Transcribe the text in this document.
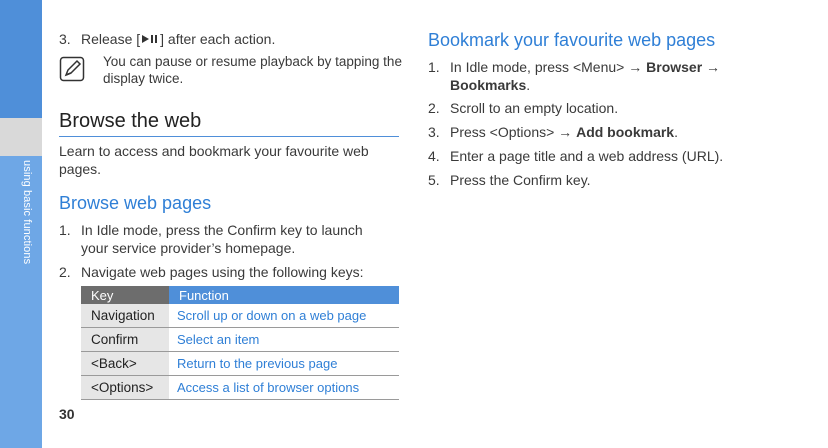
using basic functions
30
3. Release [ ] after each action.
You can pause or resume playback by tapping the display twice.
Browse the web
Learn to access and bookmark your favourite web pages.
Browse web pages
1. In Idle mode, press the Confirm key to launch your service provider’s homepage.
2. Navigate web pages using the following keys:
Key	Function
Navigation	Scroll up or down on a web page
Confirm	Select an item
<Back>	Return to the previous page
<Options>	Access a list of browser options
Bookmark your favourite web pages
1. In Idle mode, press <Menu> → Browser →
Bookmarks.
2. Scroll to an empty location.
3. Press <Options> → Add bookmark.
4. Enter a page title and a web address (URL).
5. Press the Confirm key.
